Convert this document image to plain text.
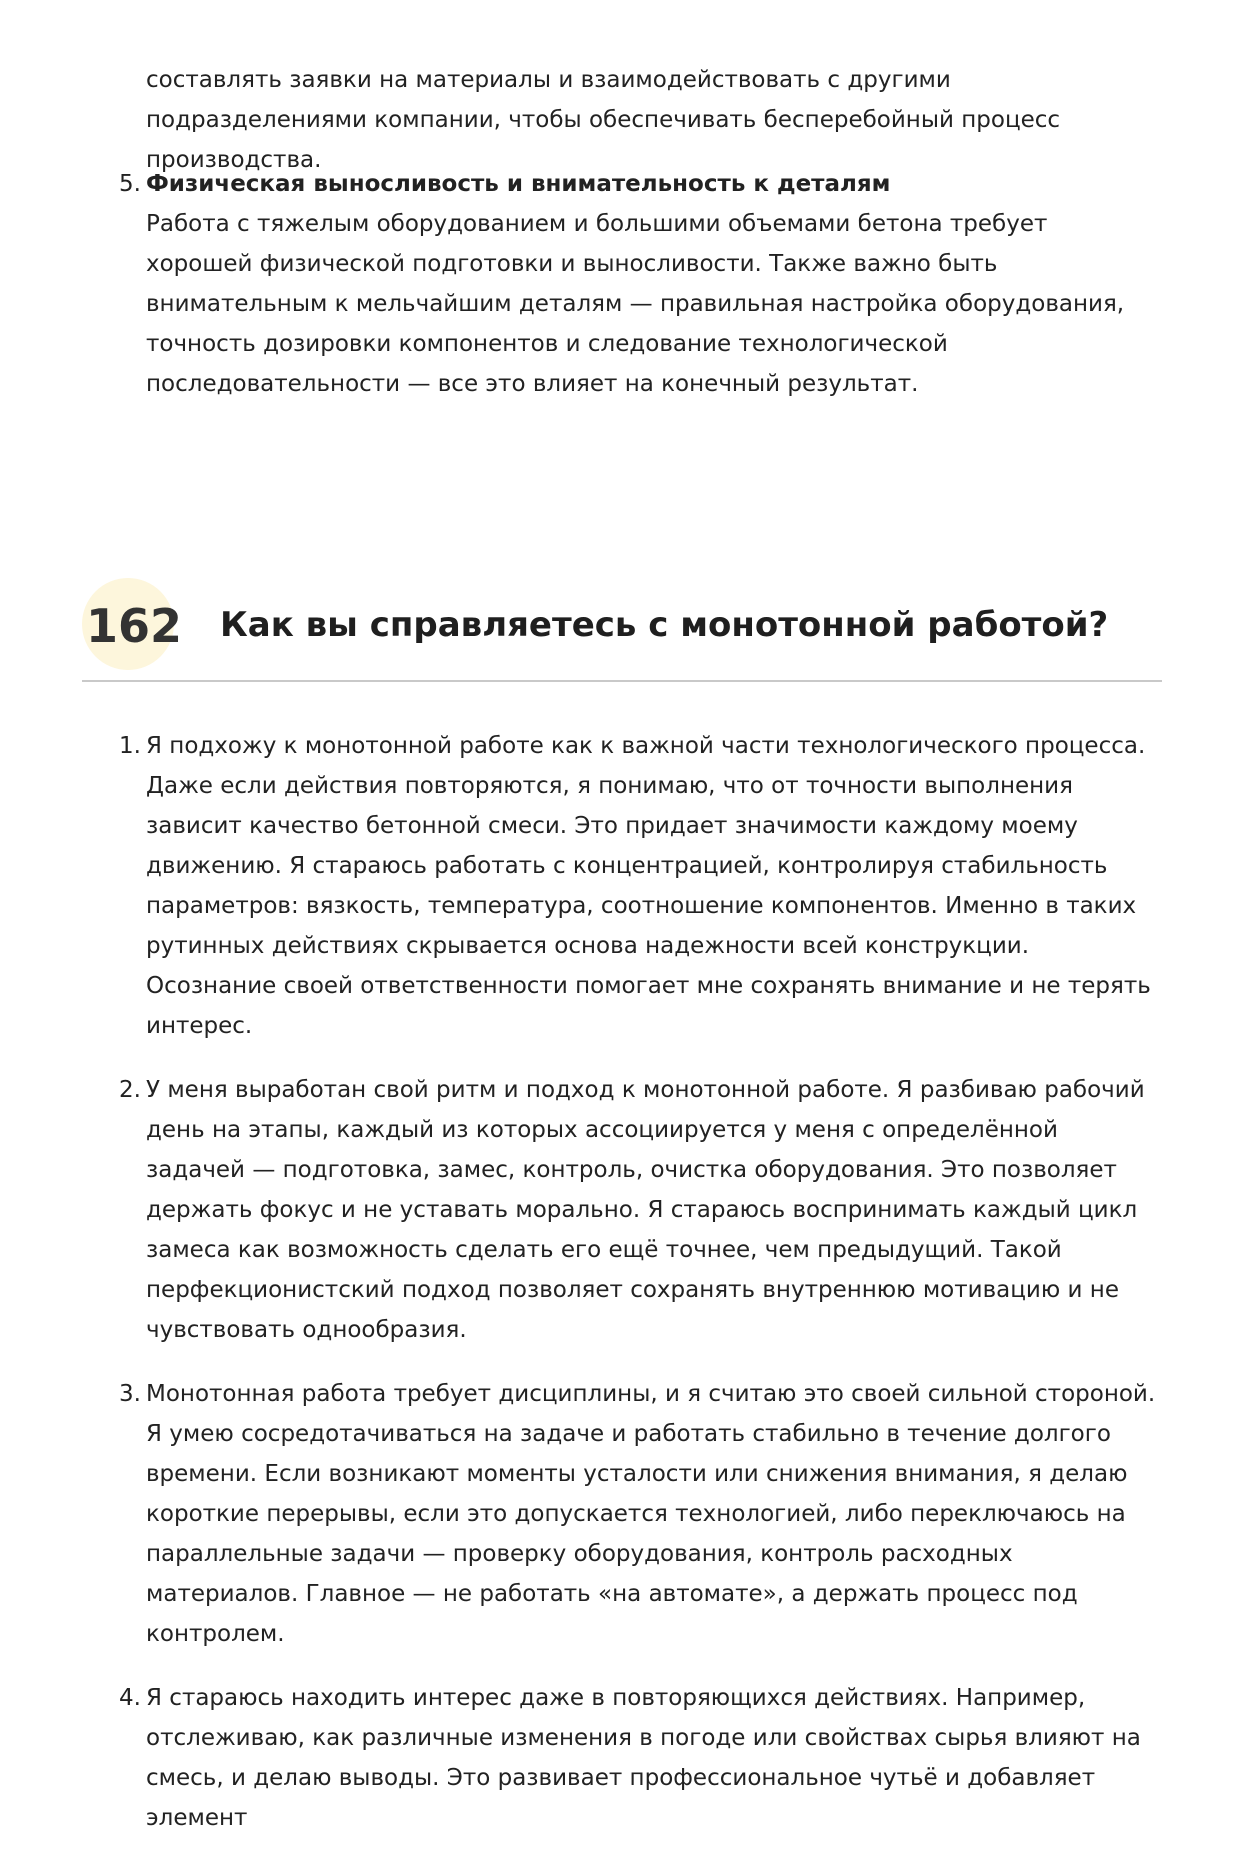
составлять заявки на материалы и взаимодействовать с другими подразделениями компании, чтобы обеспечивать бесперебойный процесс производства.
5. Физическая выносливость и внимательность к деталям
Работа с тяжелым оборудованием и большими объемами бетона требует хорошей физической подготовки и выносливости. Также важно быть внимательным к мельчайшим деталям — правильная настройка оборудования, точность дозировки компонентов и следование технологической последовательности — все это влияет на конечный результат.
162 Как вы справляетесь с монотонной работой?
1. Я подхожу к монотонной работе как к важной части технологического процесса. Даже если действия повторяются, я понимаю, что от точности выполнения зависит качество бетонной смеси. Это придает значимости каждому моему движению. Я стараюсь работать с концентрацией, контролируя стабильность параметров: вязкость, температура, соотношение компонентов. Именно в таких рутинных действиях скрывается основа надежности всей конструкции. Осознание своей ответственности помогает мне сохранять внимание и не терять интерес.
2. У меня выработан свой ритм и подход к монотонной работе. Я разбиваю рабочий день на этапы, каждый из которых ассоциируется у меня с определённой задачей — подготовка, замес, контроль, очистка оборудования. Это позволяет держать фокус и не уставать морально. Я стараюсь воспринимать каждый цикл замеса как возможность сделать его ещё точнее, чем предыдущий. Такой перфекционистский подход позволяет сохранять внутреннюю мотивацию и не чувствовать однообразия.
3. Монотонная работа требует дисциплины, и я считаю это своей сильной стороной. Я умею сосредотачиваться на задаче и работать стабильно в течение долгого времени. Если возникают моменты усталости или снижения внимания, я делаю короткие перерывы, если это допускается технологией, либо переключаюсь на параллельные задачи — проверку оборудования, контроль расходных материалов. Главное — не работать «на автомате», а держать процесс под контролем.
4. Я стараюсь находить интерес даже в повторяющихся действиях. Например, отслеживаю, как различные изменения в погоде или свойствах сырья влияют на смесь, и делаю выводы. Это развивает профессиональное чутьё и добавляет элемент
